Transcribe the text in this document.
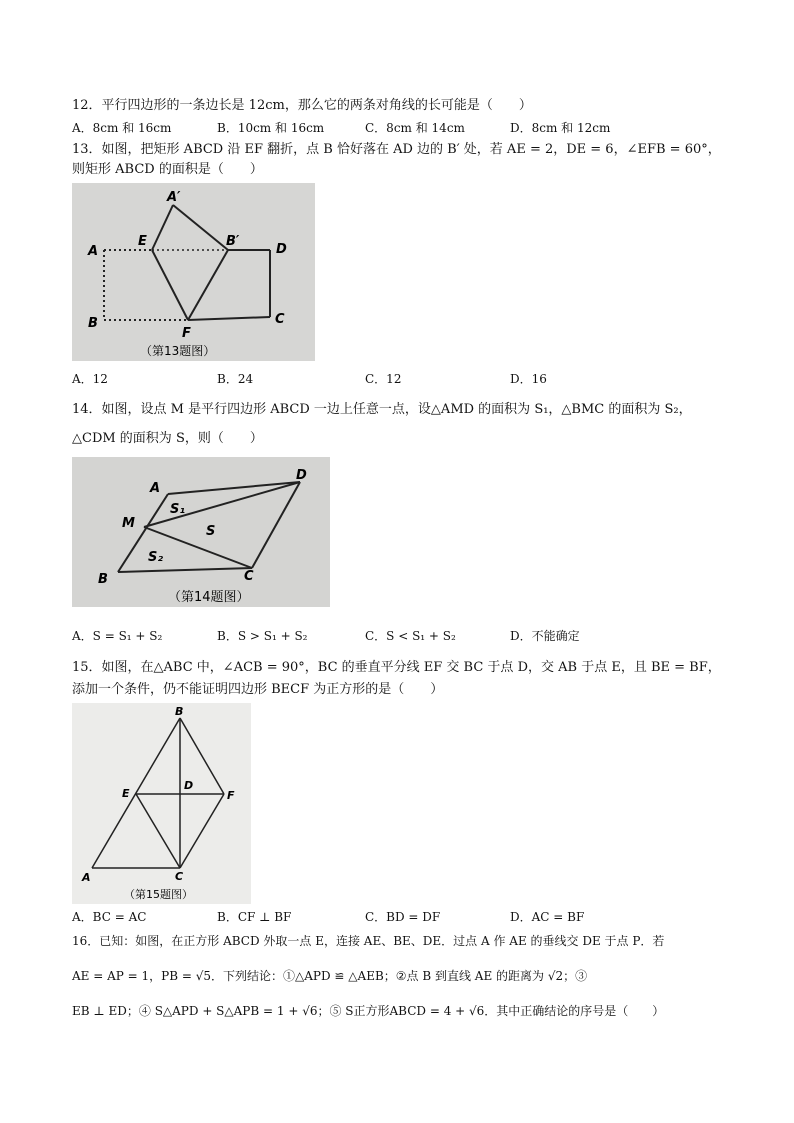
12．平行四边形的一条边长是 12cm，那么它的两条对角线的长可能是（　　）
A．8cm 和 16cm	B．10cm 和 16cm	C．8cm 和 14cm	D．8cm 和 12cm
13．如图，把矩形 ABCD 沿 EF 翻折，点 B 恰好落在 AD 边的 B′ 处，若 AE = 2，DE = 6，∠EFB = 60°，
则矩形 ABCD 的面积是（　　）
A′
A
E	B′
D
B
F
C
（第13题图）
A．12	B．24	C．12	D．16
14．如图，设点 M 是平行四边形 ABCD 一边上任意一点，设△AMD 的面积为 S₁，△BMC 的面积为 S₂，
△CDM 的面积为 S，则（　　）
A
D
M
B	C
S₁
S
S₂
（第14题图）
A．S = S₁ + S₂	B．S > S₁ + S₂	C．S < S₁ + S₂	D．不能确定
15．如图，在△ABC 中，∠ACB = 90°，BC 的垂直平分线 EF 交 BC 于点 D，交 AB 于点 E，且 BE = BF，
添加一个条件，仍不能证明四边形 BECF 为正方形的是（　　）
B
E
D
F
A	C
（第15题图）
A．BC = AC	B．CF ⊥ BF	C．BD = DF	D．AC = BF
16．已知：如图，在正方形 ABCD 外取一点 E，连接 AE、BE、DE．过点 A 作 AE 的垂线交 DE 于点 P．若
AE = AP = 1，PB = √5．下列结论：①△APD ≌ △AEB；②点 B 到直线 AE 的距离为 √2；③
EB ⊥ ED；④ S△APD + S△APB = 1 + √6；⑤ S正方形ABCD = 4 + √6．其中正确结论的序号是（　　）
